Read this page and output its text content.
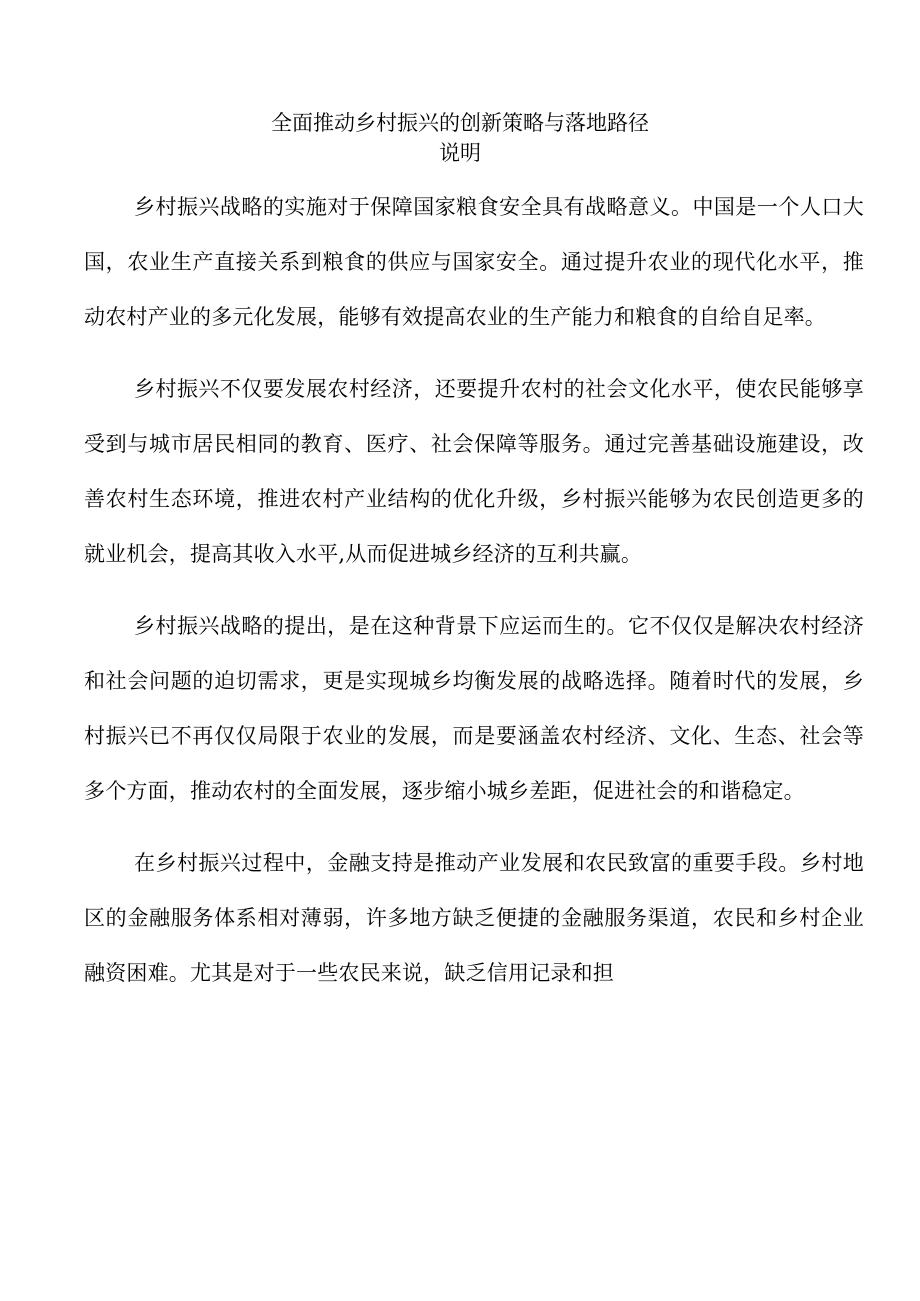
全面推动乡村振兴的创新策略与落地路径
说明

乡村振兴战略的实施对于保障国家粮食安全具有战略意义。中国是一个人口大国，农业生产直接关系到粮食的供应与国家安全。通过提升农业的现代化水平，推动农村产业的多元化发展，能够有效提高农业的生产能力和粮食的自给自足率。

乡村振兴不仅要发展农村经济，还要提升农村的社会文化水平，使农民能够享受到与城市居民相同的教育、医疗、社会保障等服务。通过完善基础设施建设，改善农村生态环境，推进农村产业结构的优化升级，乡村振兴能够为农民创造更多的就业机会，提高其收入水平,从而促进城乡经济的互利共赢。

乡村振兴战略的提出，是在这种背景下应运而生的。它不仅仅是解决农村经济和社会问题的迫切需求，更是实现城乡均衡发展的战略选择。随着时代的发展，乡村振兴已不再仅仅局限于农业的发展，而是要涵盖农村经济、文化、生态、社会等多个方面，推动农村的全面发展，逐步缩小城乡差距，促进社会的和谐稳定。

在乡村振兴过程中，金融支持是推动产业发展和农民致富的重要手段。乡村地区的金融服务体系相对薄弱，许多地方缺乏便捷的金融服务渠道，农民和乡村企业融资困难。尤其是对于一些农民来说，缺乏信用记录和担
